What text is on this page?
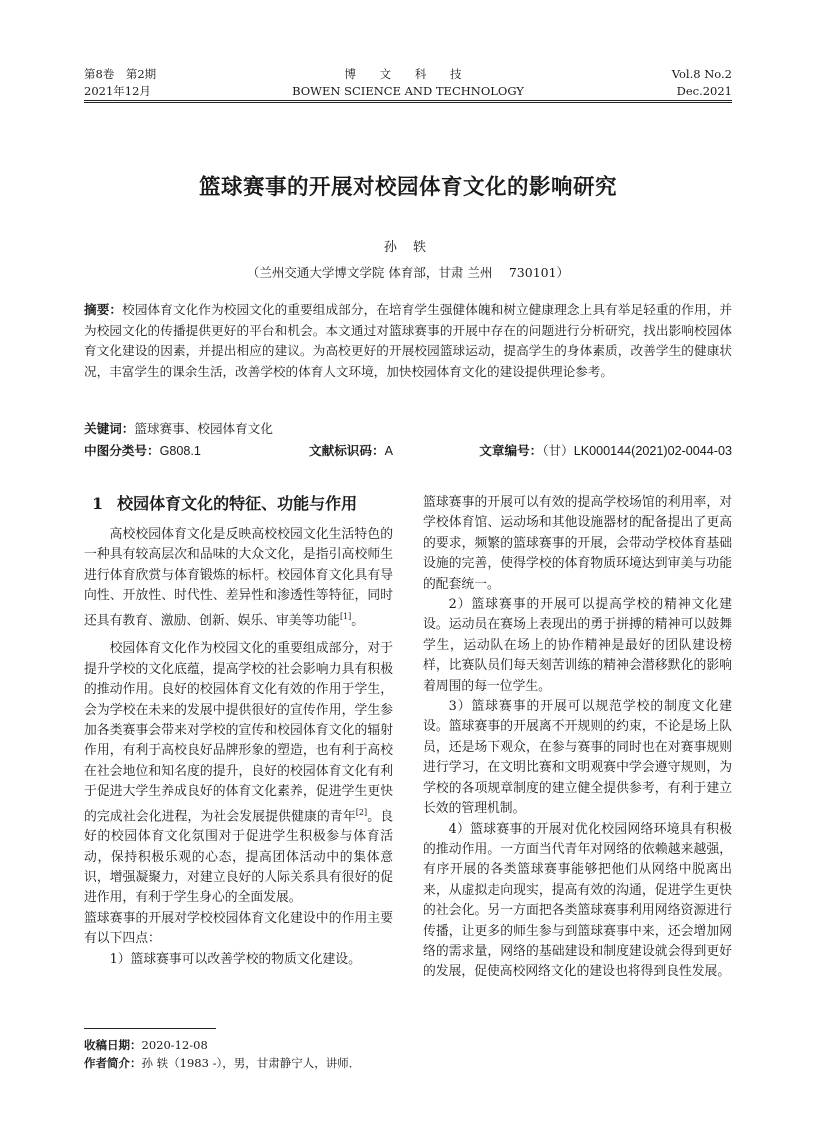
第8卷　第2期
2021年12月
博 文 科 技
BOWEN SCIENCE AND TECHNOLOGY
Vol.8 No.2
Dec.2021
篮球赛事的开展对校园体育文化的影响研究
孙 轶
（兰州交通大学博文学院 体育部，甘肃 兰州　 730101）
摘要：校园体育文化作为校园文化的重要组成部分，在培育学生强健体魄和树立健康理念上具有举足轻重的作用，并为校园文化的传播提供更好的平台和机会。本文通过对篮球赛事的开展中存在的问题进行分析研究，找出影响校园体育文化建设的因素，并提出相应的建议。为高校更好的开展校园篮球运动，提高学生的身体素质，改善学生的健康状况，丰富学生的课余生活，改善学校的体育人文环境，加快校园体育文化的建设提供理论参考。
关键词：篮球赛事、校园体育文化
中图分类号：G808.1	文献标识码：A	文章编号：（甘）LK000144(2021)02-0044-03
1 校园体育文化的特征、功能与作用

高校校园体育文化是反映高校校园文化生活特色的一种具有较高层次和品味的大众文化，是指引高校师生进行体育欣赏与体育锻炼的标杆。校园体育文化具有导向性、开放性、时代性、差异性和渗透性等特征，同时还具有教育、激励、创新、娱乐、审美等功能[1]。

校园体育文化作为校园文化的重要组成部分，对于提升学校的文化底蕴，提高学校的社会影响力具有积极的推动作用。良好的校园体育文化有效的作用于学生，会为学校在未来的发展中提供很好的宣传作用，学生参加各类赛事会带来对学校的宣传和校园体育文化的辐射作用，有利于高校良好品牌形象的塑造，也有利于高校在社会地位和知名度的提升，良好的校园体育文化有利于促进大学生养成良好的体育文化素养，促进学生更快的完成社会化进程，为社会发展提供健康的青年[2]。良好的校园体育文化氛围对于促进学生积极参与体育活动，保持积极乐观的心态，提高团体活动中的集体意识，增强凝聚力，对建立良好的人际关系具有很好的促进作用，有利于学生身心的全面发展。

篮球赛事的开展对学校校园体育文化建设中的作用主要有以下四点：

1）篮球赛事可以改善学校的物质文化建设。

篮球赛事的开展可以有效的提高学校场馆的利用率，对学校体育馆、运动场和其他设施器材的配备提出了更高的要求，频繁的篮球赛事的开展，会带动学校体育基础设施的完善，使得学校的体育物质环境达到审美与功能的配套统一。

2）篮球赛事的开展可以提高学校的精神文化建设。运动员在赛场上表现出的勇于拼搏的精神可以鼓舞学生，运动队在场上的协作精神是最好的团队建设榜样，比赛队员们每天刻苦训练的精神会潜移默化的影响着周围的每一位学生。

3）篮球赛事的开展可以规范学校的制度文化建设。篮球赛事的开展离不开规则的约束，不论是场上队员，还是场下观众，在参与赛事的同时也在对赛事规则进行学习，在文明比赛和文明观赛中学会遵守规则，为学校的各项规章制度的建立健全提供参考，有利于建立长效的管理机制。

4）篮球赛事的开展对优化校园网络环境具有积极的推动作用。一方面当代青年对网络的依赖越来越强，有序开展的各类篮球赛事能够把他们从网络中脱离出来，从虚拟走向现实，提高有效的沟通，促进学生更快的社会化。另一方面把各类篮球赛事利用网络资源进行传播，让更多的师生参与到篮球赛事中来，还会增加网络的需求量，网络的基础建设和制度建设就会得到更好的发展，促使高校网络文化的建设也将得到良性发展。

收稿日期：2020-12-08
作者简介：孙 轶（1983 -），男，甘肃静宁人，讲师．
